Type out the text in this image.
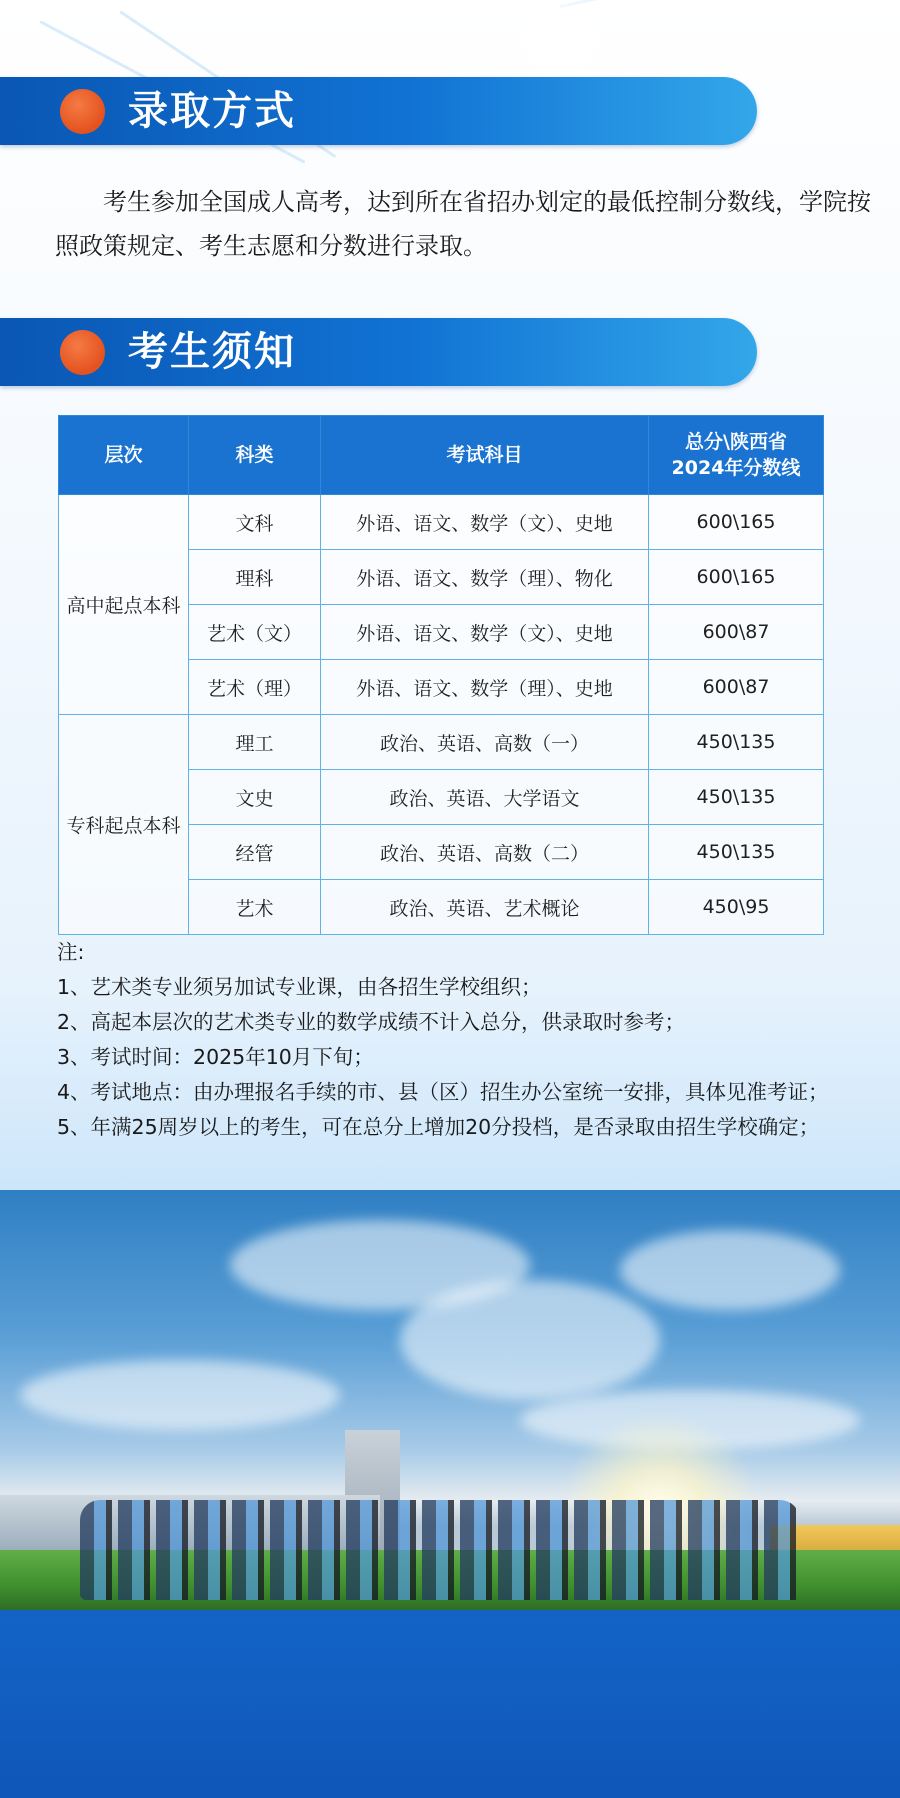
录取方式
考生参加全国成人高考，达到所在省招办划定的最低控制分数线，学院按照政策规定、考生志愿和分数进行录取。
考生须知
层次	科类	考试科目	总分\陕西省
2024年分数线
高中起点本科	文科	外语、语文、数学（文）、史地	600\165
	理科	外语、语文、数学（理）、物化	600\165
	艺术（文）	外语、语文、数学（文）、史地	600\87
	艺术（理）	外语、语文、数学（理）、史地	600\87
专科起点本科	理工	政治、英语、高数（一）	450\135
	文史	政治、英语、大学语文	450\135
	经管	政治、英语、高数（二）	450\135
	艺术	政治、英语、艺术概论	450\95
注:
1、艺术类专业须另加试专业课，由各招生学校组织；
2、高起本层次的艺术类专业的数学成绩不计入总分，供录取时参考；
3、考试时间：2025年10月下旬；
4、考试地点：由办理报名手续的市、县（区）招生办公室统一安排，具体见准考证；
5、年满25周岁以上的考生，可在总分上增加20分投档，是否录取由招生学校确定；
